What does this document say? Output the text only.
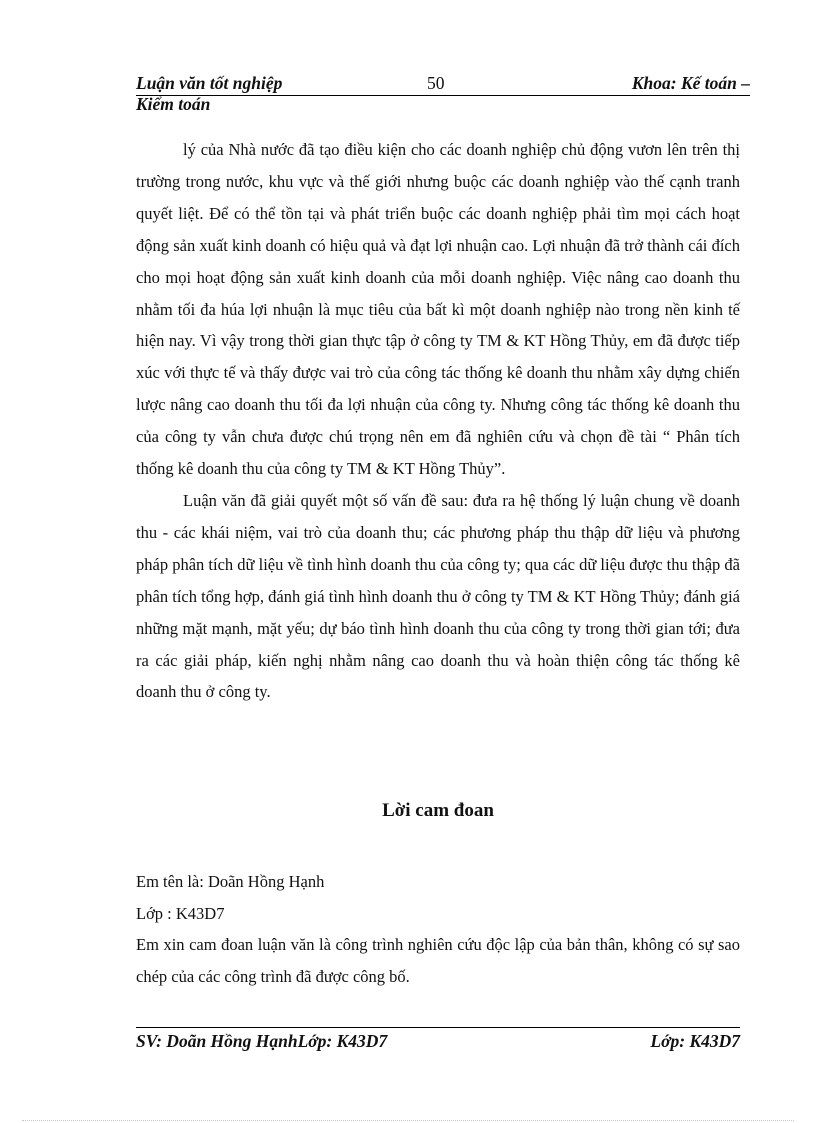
Luận văn tốt nghiệp	50	Khoa: Kế toán –
Kiểm toán

lý của Nhà nước đã tạo điều kiện cho các doanh nghiệp chủ động vươn lên trên thị trường trong nước, khu vực và thế giới nhưng buộc các doanh nghiệp vào thế cạnh tranh quyết liệt. Để có thể tồn tại và phát triển buộc các doanh nghiệp phải tìm mọi cách hoạt động sản xuất kinh doanh có hiệu quả và đạt lợi nhuận cao. Lợi nhuận đã trở thành cái đích cho mọi hoạt động sản xuất kinh doanh của mỗi doanh nghiệp. Việc nâng cao doanh thu nhằm tối đa húa lợi nhuận là mục tiêu của bất kì một doanh nghiệp nào trong nền kinh tế hiện nay. Vì vậy trong thời gian thực tập ở công ty TM & KT Hồng Thủy, em đã được tiếp xúc với thực tế và thấy được vai trò của công tác thống kê doanh thu nhằm xây dựng chiến lược nâng cao doanh thu tối đa lợi nhuận của công ty. Nhưng công tác thống kê doanh thu của công ty vẫn chưa được chú trọng nên em đã nghiên cứu và chọn đề tài “ Phân tích thống kê doanh thu của công ty TM & KT Hồng Thủy”.

Luận văn đã giải quyết một số vấn đề sau: đưa ra hệ thống lý luận chung về doanh thu - các khái niệm, vai trò của doanh thu; các phương pháp thu thập dữ liệu và phương pháp phân tích dữ liệu về tình hình doanh thu của công ty; qua các dữ liệu được thu thập đã phân tích tổng hợp, đánh giá tình hình doanh thu ở công ty TM & KT Hồng Thủy; đánh giá những mặt mạnh, mặt yếu; dự báo tình hình doanh thu của công ty trong thời gian tới; đưa ra các giải pháp, kiến nghị nhằm nâng cao doanh thu và hoàn thiện công tác thống kê doanh thu ở công ty.

Lời cam đoan

Em tên là: Doãn Hồng Hạnh

Lớp : K43D7

Em xin cam đoan luận văn là công trình nghiên cứu độc lập của bản thân, không có sự sao chép của các công trình đã được công bố.

SV: Doãn Hồng HạnhLớp: K43D7	Lớp: K43D7
